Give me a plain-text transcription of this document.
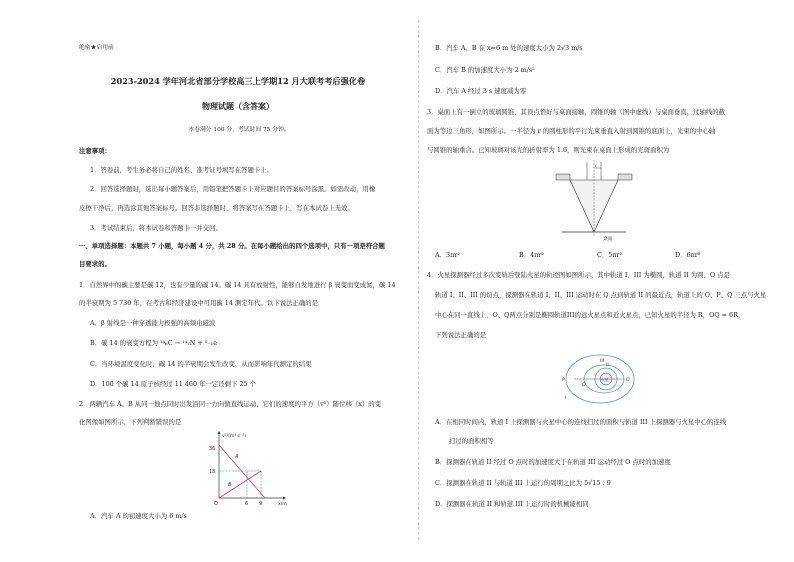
绝密★启用前
2023-2024 学年河北省部分学校高三上学期12 月大联考考后强化卷
物理试题（含答案）
本卷满分 100 分，考试时间 75 分钟。
注意事项：
1．答卷前，考生务必将自己的姓名、准考证号填写在答题卡上。
2．回答选择题时，选出每小题答案后，用铅笔把答题卡上对应题目的答案标号涂黑。如需改动，用橡
皮擦干净后，再选涂其他答案标号。回答非选择题时，将答案写在答题卡上，写在本试卷上无效。
3．考试结束后，将本试卷和答题卡一并交回。
一、单项选择题：本题共 7 小题，每小题 4 分，共 28 分。在每小题给出的四个选项中，只有一项是符合题
目要求的。
1．自然界中的碳主要是碳 12，也有少量的碳 14。碳 14 具有放射性，能够自发地进行 β 衰变而变成氮，碳 14
的半衰期为 5 730 年，在考古和经济建设中可用碳 14 测定年代。以下说法正确的是
A．β 射线是一种穿透能力极强的高频电磁波
B．碳 14 的衰变方程为 ¹⁴₆C → ¹⁴₇N + ⁰₋₁e
C．当环境温度变化时，碳 14 的半衰期会发生改变，从而影响年代测定的结果
D．100 个碳 14 原子核经过 11 460 年一定还剩下 25 个
2．两辆汽车 A、B 从同一地点同时出发沿同一方向做直线运动，它们的速度的平方（v²）随位移（x）的变
化图像如图所示，下列判断错误的是
v²/(m²·s⁻²)
x/m
36
18
O	6 9
A
B
A．汽车 A 的初速度大小为 6 m/s
B．汽车 A、B 在 x=6 m 处的速度大小为 2√3 m/s
C．汽车 B 的加速度大小为 2 m/s²
D．汽车 A 经过 3 s 速度减为零
3．桌面上有一倒立的玻璃圆锥，其顶点恰好与桌面接触，圆锥的轴（图中虚线）与桌面垂直，过轴线的截
面为等边三角形，如图所示。一半径为 r 的圆柱形的平行光束垂直入射到圆锥的底面上，光束的中心轴
与圆锥的轴重合。已知玻璃对该光的折射率为 1.6，则光束在桌面上形成的光斑面积为
r
桌面
A．3πr²	B．4πr²	C．5πr²	D．6πr²
4．火星探测器经过多次变轨后登陆火星的轨迹图如图所示，其中轨道 I、III 为椭圆，轨道 II 为圆，O 点是
轨道 I、II、III 的切点，探测器在轨道 I、II、III 运动时在 Q 点到轨道 II 的最近点，轨道上的 O、P、Q 三点与火星
中心在同一直线上，O、Q两点分别是椭圆轨道III的远火星点和近火星点，已知火星的半径为 R，OQ = 6R，
下列说法正确的是
火星
III
II
I
P
Q
O
A．在相同时间内，轨道 I 上探测器与火星中心的连线扫过的面积与轨道 III 上探测器与火星中心的连线
扫过的面积相等
B．探测器在轨道 II 经过 O 点时的加速度大于在轨道 III 运动经过 O 点时的加速度
C．探测器在轨道 II 与轨道 III 上运行的周期之比为 5√15∶9
D．探测器在轨道 II 和轨道 III 上运行时的机械能相同
